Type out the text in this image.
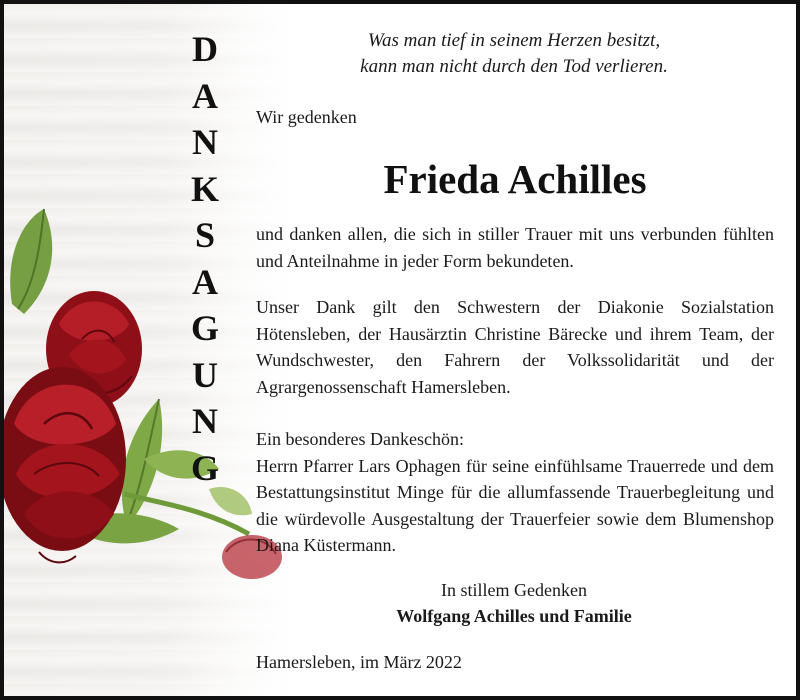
D
A
N
K
S
A
G
U
N
G
Was man tief in seinem Herzen besitzt,
kann man nicht durch den Tod verlieren.
Wir gedenken
Frieda Achilles
und danken allen, die sich in stiller Trauer mit uns verbunden fühlten und Anteilnahme in jeder Form bekundeten.
Unser Dank gilt den Schwestern der Diakonie Sozialstation Hötensleben, der Hausärztin Christine Bärecke und ihrem Team, der Wundschwester, den Fahrern der Volkssolidarität und der Agrargenossenschaft Hamersleben.
Ein besonderes Dankeschön:
Herrn Pfarrer Lars Ophagen für seine einfühlsame Trauerrede und dem Bestattungsinstitut Minge für die allumfassende Trauerbegleitung und die würdevolle Ausgestaltung der Trauerfeier sowie dem Blumenshop Diana Küstermann.
In stillem Gedenken
Wolfgang Achilles und Familie
Hamersleben, im März 2022
